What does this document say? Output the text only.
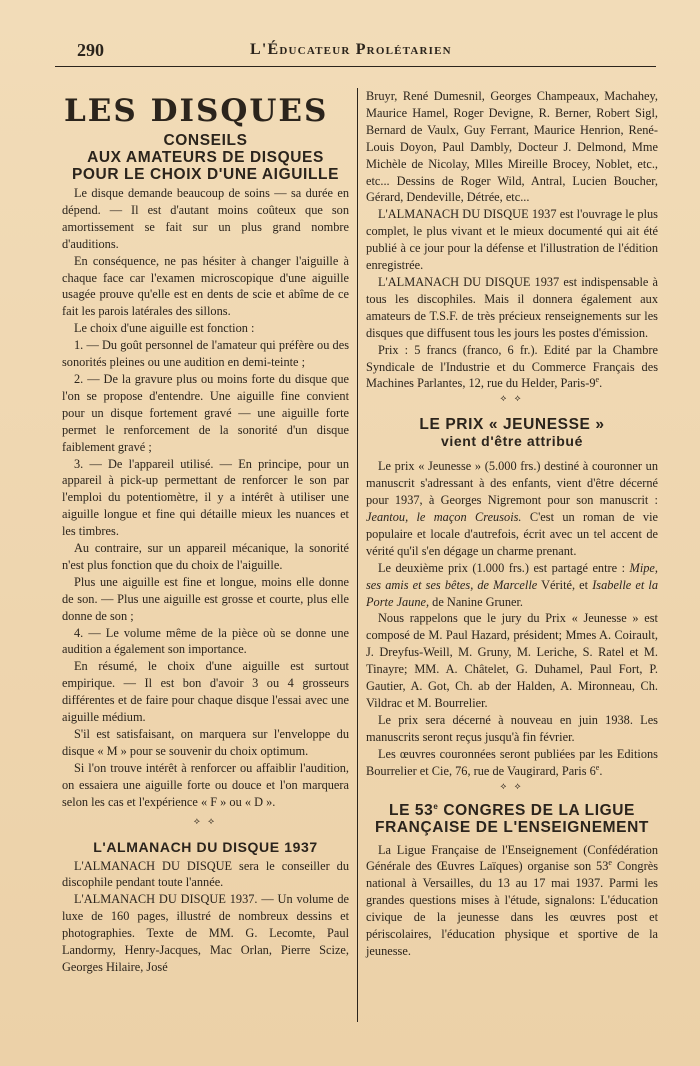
290	L'Éducateur Prolétarien
LES DISQUES
CONSEILS
AUX AMATEURS DE DISQUES
POUR LE CHOIX D'UNE AIGUILLE

Le disque demande beaucoup de soins — sa durée en dépend. — Il est d'autant moins coûteux que son amortissement se fait sur un plus grand nombre d'auditions.

En conséquence, ne pas hésiter à changer l'aiguille à chaque face car l'examen microscopique d'une aiguille usagée prouve qu'elle est en dents de scie et abîme de ce fait les parois latérales des sillons.

Le choix d'une aiguille est fonction :

1. — Du goût personnel de l'amateur qui préfère ou des sonorités pleines ou une audition en demi-teinte ;

2. — De la gravure plus ou moins forte du disque que l'on se propose d'entendre. Une aiguille fine convient pour un disque fortement gravé — une aiguille forte permet le renforcement de la sonorité d'un disque faiblement gravé ;

3. — De l'appareil utilisé. — En principe, pour un appareil à pick-up permettant de renforcer le son par l'emploi du potentiomètre, il y a intérêt à utiliser une aiguille longue et fine qui détaille mieux les nuances et les timbres.

Au contraire, sur un appareil mécanique, la sonorité n'est plus fonction que du choix de l'aiguille.

Plus une aiguille est fine et longue, moins elle donne de son. — Plus une aiguille est grosse et courte, plus elle donne de son ;

4. — Le volume même de la pièce où se donne une audition a également son importance.

En résumé, le choix d'une aiguille est surtout empirique. — Il est bon d'avoir 3 ou 4 grosseurs différentes et de faire pour chaque disque l'essai avec une aiguille médium.

S'il est satisfaisant, on marquera sur l'enveloppe du disque « M » pour se souvenir du choix optimum.

Si l'on trouve intérêt à renforcer ou affaiblir l'audition, on essaiera une aiguille forte ou douce et l'on marquera selon les cas et l'expérience « F » ou « D ».

⟡ ⟡
L'ALMANACH DU DISQUE 1937

L'ALMANACH DU DISQUE sera le conseiller du discophile pendant toute l'année.

L'ALMANACH DU DISQUE 1937. — Un volume de luxe de 160 pages, illustré de nombreux dessins et photographies. Texte de MM. G. Lecomte, Paul Landormy, Henry-Jacques, Mac Orlan, Pierre Scize, Georges Hilaire, José

Bruyr, René Dumesnil, Georges Champeaux, Machahey, Maurice Hamel, Roger Devigne, R. Berner, Robert Sigl, Bernard de Vaulx, Guy Ferrant, Maurice Henrion, René-Louis Doyon, Paul Dambly, Docteur J. Delmond, Mme Michèle de Nicolay, Mlles Mireille Brocey, Noblet, etc., etc... Dessins de Roger Wild, Antral, Lucien Boucher, Gérard, Dendeville, Détrée, etc...

L'ALMANACH DU DISQUE 1937 est l'ouvrage le plus complet, le plus vivant et le mieux documenté qui ait été publié à ce jour pour la défense et l'illustration de l'édition enregistrée.

L'ALMANACH DU DISQUE 1937 est indispensable à tous les discophiles. Mais il donnera également aux amateurs de T.S.F. de très précieux renseignements sur les disques que diffusent tous les jours les postes d'émission.

Prix : 5 francs (franco, 6 fr.). Edité par la Chambre Syndicale de l'Industrie et du Commerce Français des Machines Parlantes, 12, rue du Helder, Paris-9e.

⟡ ⟡
LE PRIX « JEUNESSE »
vient d'être attribué

Le prix « Jeunesse » (5.000 frs.) destiné à couronner un manuscrit s'adressant à des enfants, vient d'être décerné pour 1937, à Georges Nigremont pour son manuscrit : Jeantou, le maçon Creusois. C'est un roman de vie populaire et locale d'autrefois, écrit avec un tel accent de vérité qu'il s'en dégage un charme prenant.

Le deuxième prix (1.000 frs.) est partagé entre : Mipe, ses amis et ses bêtes, de Marcelle Vérité, et Isabelle et la Porte Jaune, de Nanine Gruner.

Nous rappelons que le jury du Prix « Jeunesse » est composé de M. Paul Hazard, président; Mmes A. Coirault, J. Dreyfus-Weill, M. Gruny, M. Leriche, S. Ratel et M. Tinayre; MM. A. Châtelet, G. Duhamel, Paul Fort, P. Gautier, A. Got, Ch. ab der Halden, A. Mironneau, Ch. Vildrac et M. Bourrelier.

Le prix sera décerné à nouveau en juin 1938. Les manuscrits seront reçus jusqu'à fin février.

Les œuvres couronnées seront publiées par les Editions Bourrelier et Cie, 76, rue de Vaugirard, Paris 6e.

⟡ ⟡
LE 53e CONGRES DE LA LIGUE
FRANÇAISE DE L'ENSEIGNEMENT

La Ligue Française de l'Enseignement (Confédération Générale des Œuvres Laïques) organise son 53e Congrès national à Versailles, du 13 au 17 mai 1937. Parmi les grandes questions mises à l'étude, signalons: L'éducation civique de la jeunesse dans les œuvres post et périscolaires, l'éducation physique et sportive de la jeunesse.
